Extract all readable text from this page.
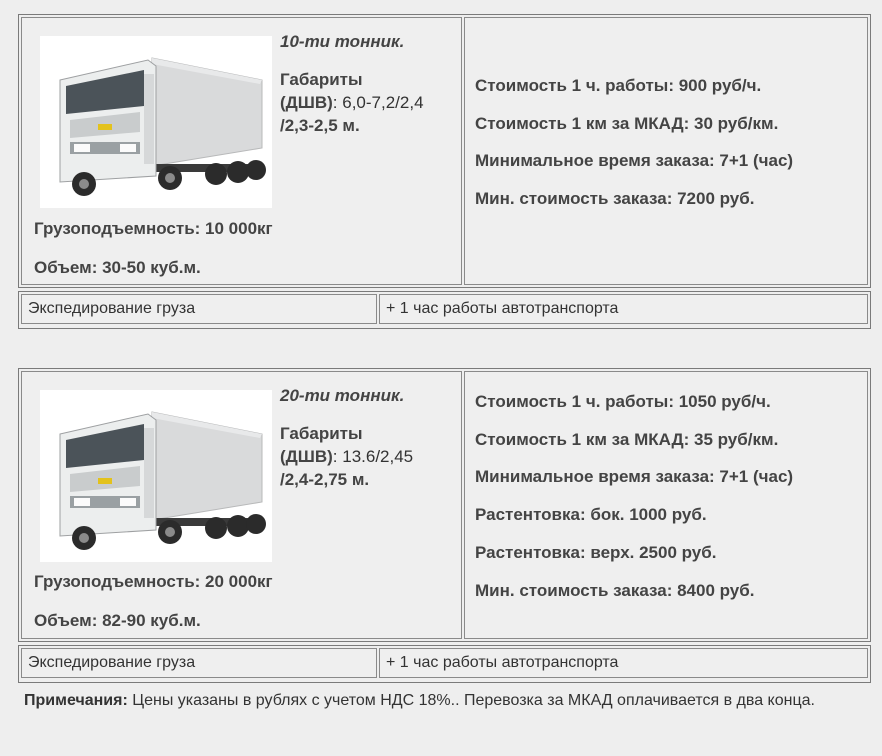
10-ти тонник.
Габариты
(ДШВ): 6,0-7,2/2,4
/2,3-2,5 м.
Грузоподъемность: 10 000кг
Объем: 30-50 куб.м.
Стоимость 1 ч. работы: 900 руб/ч.
Стоимость 1 км за МКАД: 30 руб/км.
Минимальное время заказа: 7+1 (час)
Мин. стоимость заказа: 7200 руб.
Экспедирование груза	+ 1 час работы автотранспорта
20-ти тонник.
Габариты
(ДШВ): 13.6/2,45
/2,4-2,75 м.
Грузоподъемность: 20 000кг
Объем: 82-90 куб.м.
Стоимость 1 ч. работы: 1050 руб/ч.
Стоимость 1 км за МКАД: 35 руб/км.
Минимальное время заказа: 7+1 (час)
Растентовка: бок. 1000 руб.
Растентовка: верх. 2500 руб.
Мин. стоимость заказа: 8400 руб.
Экспедирование груза	+ 1 час работы автотранспорта
Примечания: Цены указаны в рублях с учетом НДС 18%.. Перевозка за МКАД оплачивается в два конца.
